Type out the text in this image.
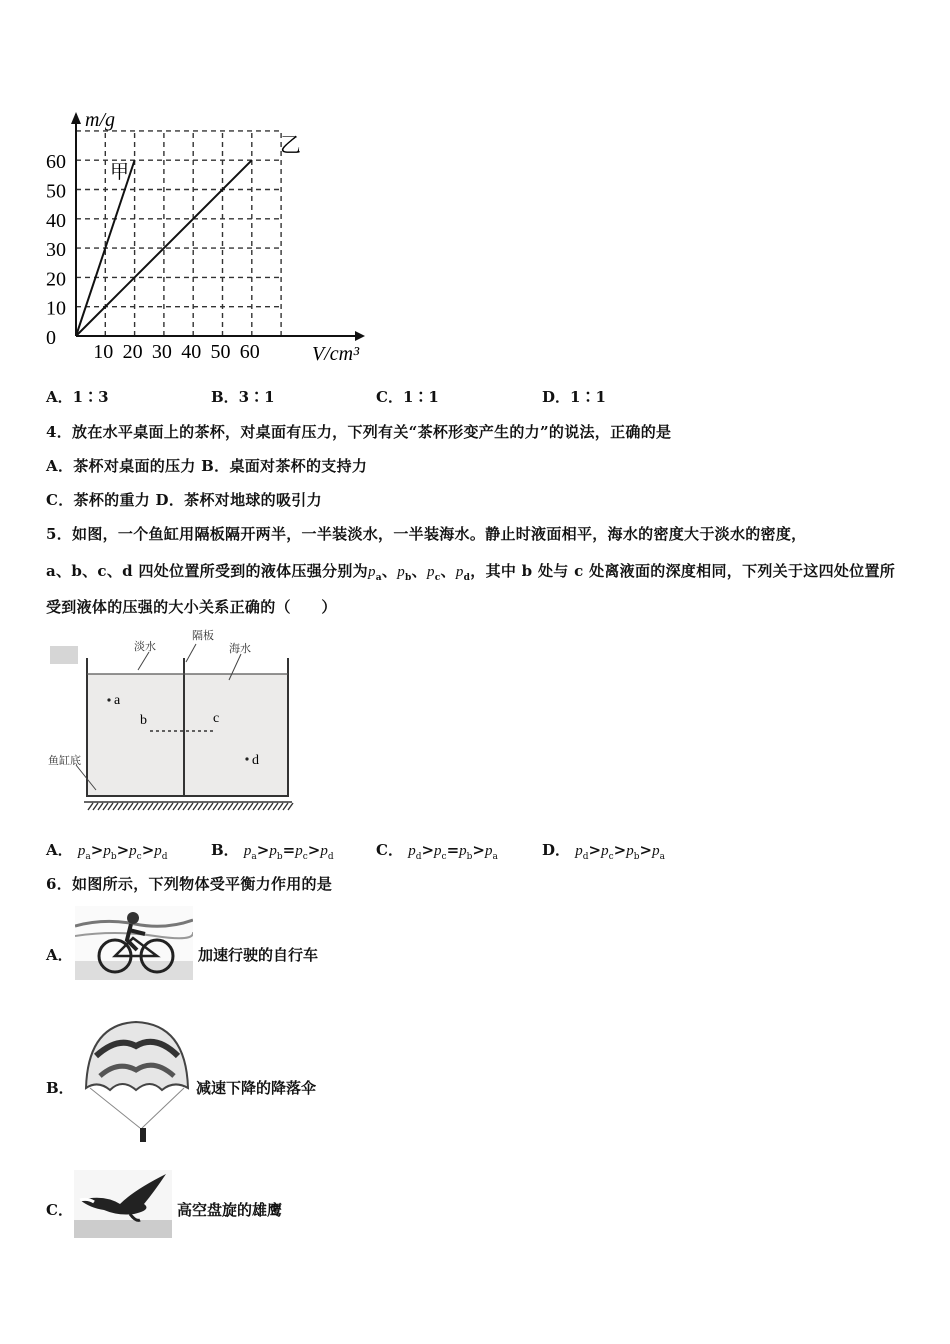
m/g
V/cm³
甲
乙
0
10
20
30
40
50
60
10 20 30 40 50 60
A．1∶3	B．3∶1	C．1∶1	D．1∶1
4．放在水平桌面上的茶杯，对桌面有压力，下列有关“茶杯形变产生的力”的说法，正确的是
A．茶杯对桌面的压力 B．桌面对茶杯的支持力
C．茶杯的重力 D．茶杯对地球的吸引力
5．如图，一个鱼缸用隔板隔开两半，一半装淡水，一半装海水。静止时液面相平，海水的密度大于淡水的密度，
a、b、c、d 四处位置所受到的液体压强分别为$p_a$、$p_b$、$p_c$、$p_d$，其中 b 处与 c 处离液面的深度相同，下列关于这四处位置所
受到液体的压强的大小关系正确的（　　）
淡水
隔板
海水
鱼缸底
a
b	c
d
A． $p_a>p_b>p_c>p_d$	B． $p_a>p_b=p_c>p_d$	C． $p_d>p_c=p_b>p_a$	D． $p_d>p_c>p_b>p_a$
6．如图所示，下列物体受平衡力作用的是
A．	加速行驶的自行车
B．	减速下降的降落伞
C．	高空盘旋的雄鹰
